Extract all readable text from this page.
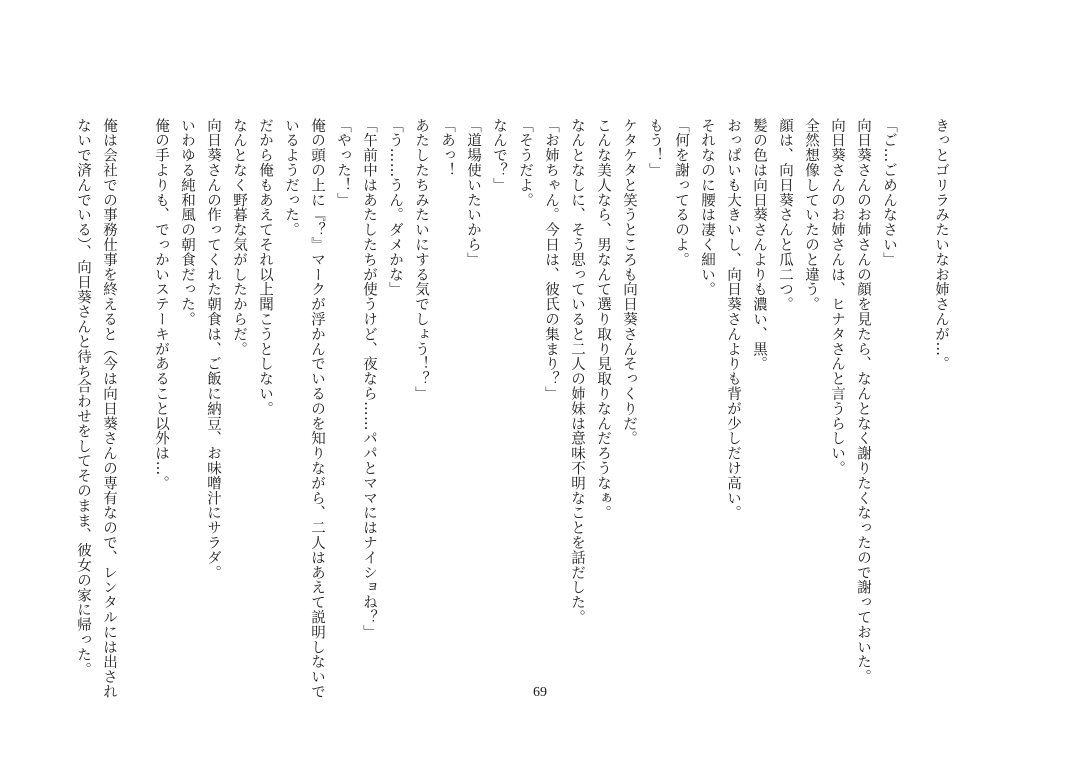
きっとゴリラみたいなお姉さんが…。

「ご…ごめんなさい」
向日葵さんのお姉さんの顔を見たら、なんとなく謝りたくなったので謝っておいた。
向日葵さんのお姉さんは、ヒナタさんと言うらしい。
全然想像していたのと違う。
顔は、向日葵さんと瓜二つ。
髪の色は向日葵さんよりも濃い、黒。
おっぱいも大きいし、向日葵さんよりも背が少しだけ高い。
それなのに腰は凄く細い。
「何を謝ってるのよ。
もう！」
ケタケタと笑うところも向日葵さんそっくりだ。
こんな美人なら、男なんて選り取り見取りなんだろうなぁ。
なんとなしに、そう思っていると二人の姉妹は意味不明なことを話だした。
「お姉ちゃん。今日は、彼氏の集まり？」
「そうだよ。
なんで？」
「道場使いたいから」
「あっ！
あたしたちみたいにする気でしょう！？」
「う……うん。ダメかな」
「午前中はあたしたちが使うけど、夜なら……パパとママにはナイショね？」
「やった！」
俺の頭の上に『？』マークが浮かんでいるのを知りながら、二人はあえて説明しないで
いるようだった。
だから俺もあえてそれ以上聞こうとしない。
なんとなく野暮な気がしたからだ。
向日葵さんの作ってくれた朝食は、ご飯に納豆、お味噌汁にサラダ。
いわゆる純和風の朝食だった。
俺の手よりも、でっかいステーキがあること以外は…。

俺は会社での事務仕事を終えると（今は向日葵さんの専有なので、レンタルには出され
ないで済んでいる）、向日葵さんと待ち合わせをしてそのまま、彼女の家に帰った。
69
